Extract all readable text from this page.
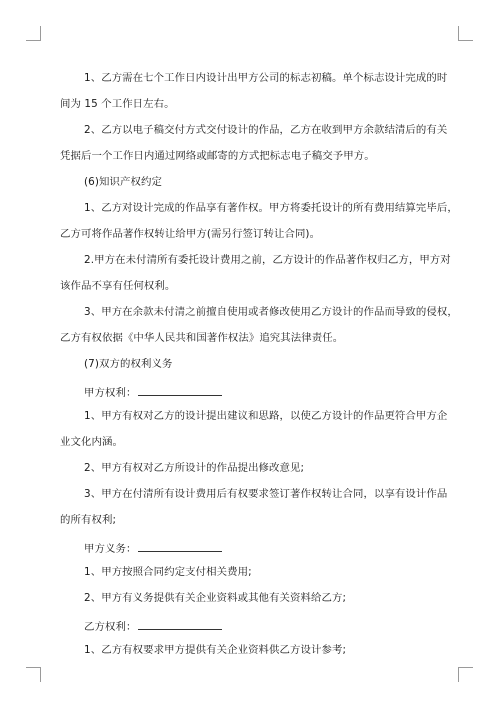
1、乙方需在七个工作日内设计出甲方公司的标志初稿。单个标志设计完成的时
间为 15 个工作日左右。
2、乙方以电子稿交付方式交付设计的作品，乙方在收到甲方余款结清后的有关
凭据后一个工作日内通过网络或邮寄的方式把标志电子稿交予甲方。
(6)知识产权约定
1、乙方对设计完成的作品享有著作权。甲方将委托设计的所有费用结算完毕后，
乙方可将作品著作权转让给甲方(需另行签订转让合同)。
2.甲方在未付清所有委托设计费用之前，乙方设计的作品著作权归乙方，甲方对
该作品不享有任何权利。
3、甲方在余款未付清之前擅自使用或者修改使用乙方设计的作品而导致的侵权，
乙方有权依据《中华人民共和国著作权法》追究其法律责任。
(7)双方的权利义务
甲方权利：
1、甲方有权对乙方的设计提出建议和思路，以使乙方设计的作品更符合甲方企
业文化内涵。
2、甲方有权对乙方所设计的作品提出修改意见;
3、甲方在付清所有设计费用后有权要求签订著作权转让合同，以享有设计作品
的所有权利;
甲方义务：
1、甲方按照合同约定支付相关费用;
2、甲方有义务提供有关企业资料或其他有关资料给乙方;
乙方权利：
1、乙方有权要求甲方提供有关企业资料供乙方设计参考;
